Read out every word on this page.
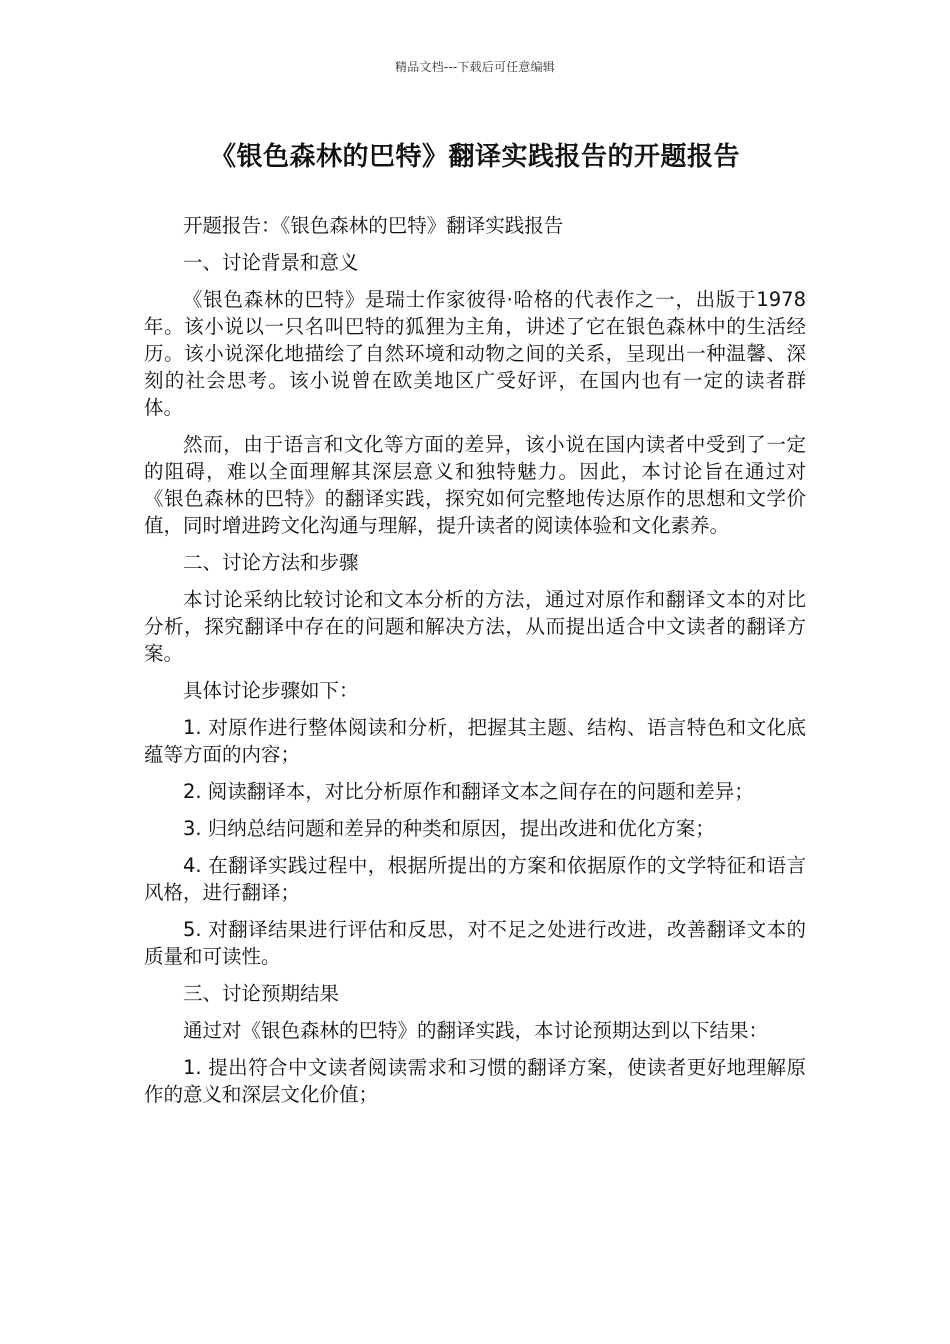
精品文档---下载后可任意编辑
《银色森林的巴特》翻译实践报告的开题报告

开题报告：《银色森林的巴特》翻译实践报告

一、讨论背景和意义

《银色森林的巴特》是瑞士作家彼得·哈格的代表作之一，出版于1978年。该小说以一只名叫巴特的狐狸为主角，讲述了它在银色森林中的生活经历。该小说深化地描绘了自然环境和动物之间的关系，呈现出一种温馨、深刻的社会思考。该小说曾在欧美地区广受好评，在国内也有一定的读者群体。

然而，由于语言和文化等方面的差异，该小说在国内读者中受到了一定的阻碍，难以全面理解其深层意义和独特魅力。因此，本讨论旨在通过对《银色森林的巴特》的翻译实践，探究如何完整地传达原作的思想和文学价值，同时增进跨文化沟通与理解，提升读者的阅读体验和文化素养。

二、讨论方法和步骤

本讨论采纳比较讨论和文本分析的方法，通过对原作和翻译文本的对比分析，探究翻译中存在的问题和解决方法，从而提出适合中文读者的翻译方案。

具体讨论步骤如下：

1. 对原作进行整体阅读和分析，把握其主题、结构、语言特色和文化底蕴等方面的内容；

2. 阅读翻译本，对比分析原作和翻译文本之间存在的问题和差异；

3. 归纳总结问题和差异的种类和原因，提出改进和优化方案；

4. 在翻译实践过程中，根据所提出的方案和依据原作的文学特征和语言风格，进行翻译；

5. 对翻译结果进行评估和反思，对不足之处进行改进，改善翻译文本的质量和可读性。

三、讨论预期结果

通过对《银色森林的巴特》的翻译实践，本讨论预期达到以下结果：

1. 提出符合中文读者阅读需求和习惯的翻译方案，使读者更好地理解原作的意义和深层文化价值；
